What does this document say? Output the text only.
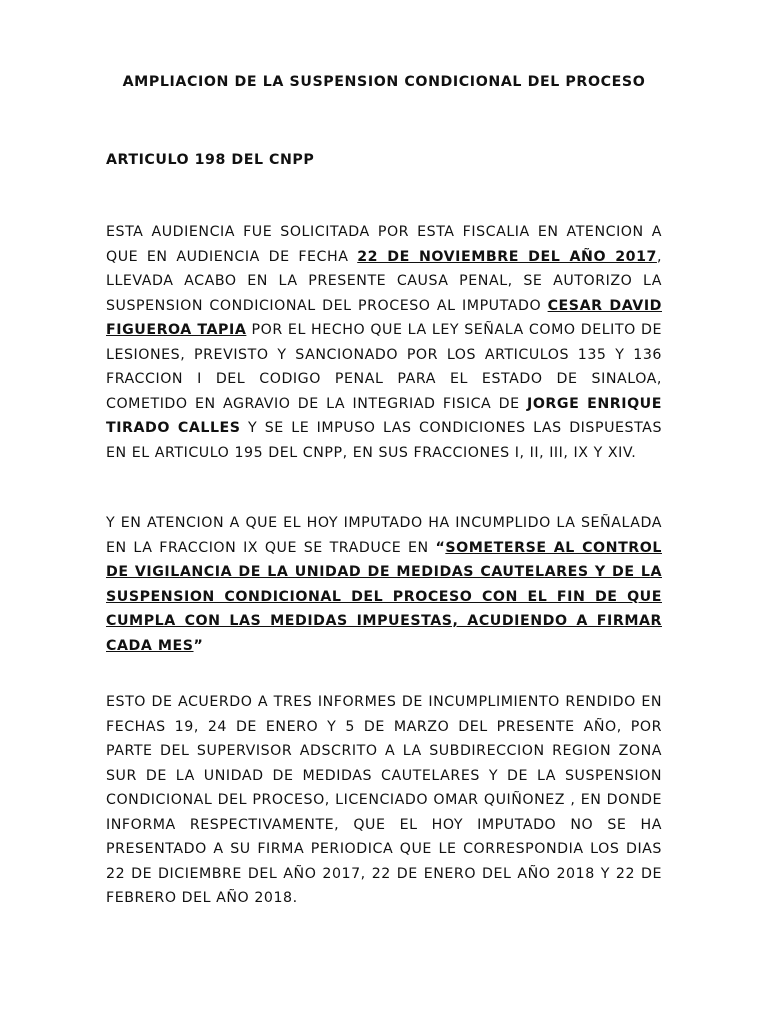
AMPLIACION DE LA SUSPENSION CONDICIONAL DEL PROCESO

ARTICULO 198 DEL CNPP

ESTA AUDIENCIA FUE SOLICITADA POR ESTA FISCALIA EN ATENCION A QUE EN AUDIENCIA DE FECHA 22 DE NOVIEMBRE DEL AÑO 2017, LLEVADA ACABO EN LA PRESENTE CAUSA PENAL, SE AUTORIZO LA SUSPENSION CONDICIONAL DEL PROCESO AL IMPUTADO CESAR DAVID FIGUEROA TAPIA POR EL HECHO QUE LA LEY SEÑALA COMO DELITO DE LESIONES, PREVISTO Y SANCIONADO POR LOS ARTICULOS 135 Y 136 FRACCION I DEL CODIGO PENAL PARA EL ESTADO DE SINALOA, COMETIDO EN AGRAVIO DE LA INTEGRIAD FISICA DE JORGE ENRIQUE TIRADO CALLES Y SE LE IMPUSO LAS CONDICIONES LAS DISPUESTAS EN EL ARTICULO 195 DEL CNPP, EN SUS FRACCIONES I, II, III, IX Y XIV.

Y EN ATENCION A QUE EL HOY IMPUTADO HA INCUMPLIDO LA SEÑALADA EN LA FRACCION IX QUE SE TRADUCE EN “SOMETERSE AL CONTROL DE VIGILANCIA DE LA UNIDAD DE MEDIDAS CAUTELARES Y DE LA SUSPENSION CONDICIONAL DEL PROCESO CON EL FIN DE QUE CUMPLA CON LAS MEDIDAS IMPUESTAS, ACUDIENDO A FIRMAR CADA MES”

ESTO DE ACUERDO A TRES INFORMES DE INCUMPLIMIENTO RENDIDO EN FECHAS 19, 24 DE ENERO Y 5 DE MARZO DEL PRESENTE AÑO, POR PARTE DEL SUPERVISOR ADSCRITO A LA SUBDIRECCION REGION ZONA SUR DE LA UNIDAD DE MEDIDAS CAUTELARES Y DE LA SUSPENSION CONDICIONAL DEL PROCESO, LICENCIADO OMAR QUIÑONEZ , EN DONDE INFORMA RESPECTIVAMENTE, QUE EL HOY IMPUTADO NO SE HA PRESENTADO A SU FIRMA PERIODICA QUE LE CORRESPONDIA LOS DIAS 22 DE DICIEMBRE DEL AÑO 2017, 22 DE ENERO DEL AÑO 2018 Y 22 DE FEBRERO DEL AÑO 2018.
